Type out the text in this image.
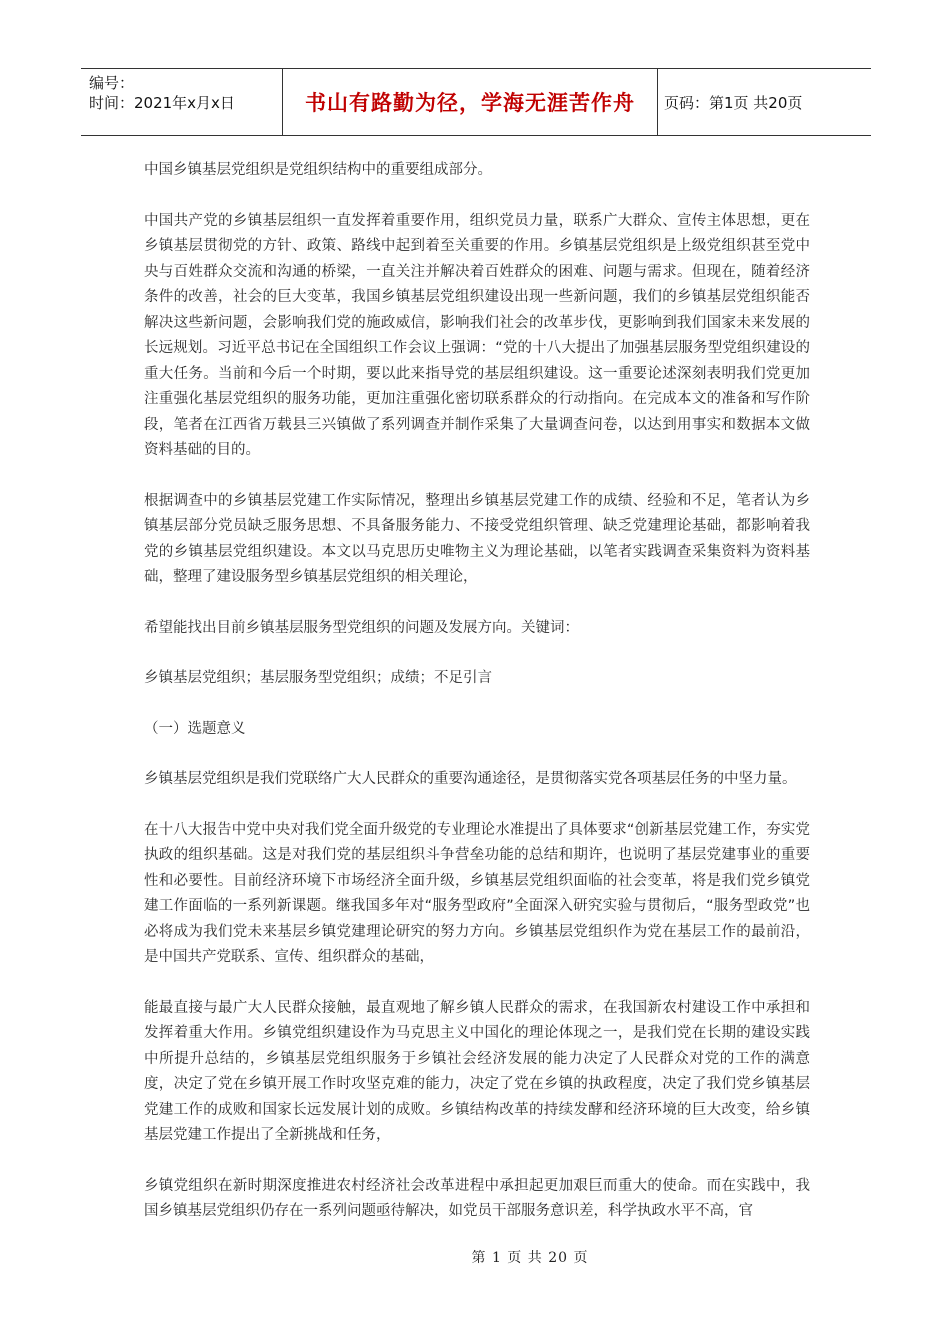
编号：
时间：2021年x月x日	书山有路勤为径，学海无涯苦作舟	页码：第1页 共20页

中国乡镇基层党组织是党组织结构中的重要组成部分。

中国共产党的乡镇基层组织一直发挥着重要作用，组织党员力量，联系广大群众、宣传主体思想，更在乡镇基层贯彻党的方针、政策、路线中起到着至关重要的作用。乡镇基层党组织是上级党组织甚至党中央与百姓群众交流和沟通的桥梁，一直关注并解决着百姓群众的困难、问题与需求。但现在，随着经济条件的改善，社会的巨大变革，我国乡镇基层党组织建设出现一些新问题，我们的乡镇基层党组织能否解决这些新问题，会影响我们党的施政威信，影响我们社会的改革步伐，更影响到我们国家未来发展的长远规划。习近平总书记在全国组织工作会议上强调：“党的十八大提出了加强基层服务型党组织建设的重大任务。当前和今后一个时期，要以此来指导党的基层组织建设。这一重要论述深刻表明我们党更加注重强化基层党组织的服务功能，更加注重强化密切联系群众的行动指向。在完成本文的准备和写作阶段，笔者在江西省万载县三兴镇做了系列调查并制作采集了大量调查问卷，以达到用事实和数据本文做资料基础的目的。

根据调查中的乡镇基层党建工作实际情况，整理出乡镇基层党建工作的成绩、经验和不足，笔者认为乡镇基层部分党员缺乏服务思想、不具备服务能力、不接受党组织管理、缺乏党建理论基础，都影响着我党的乡镇基层党组织建设。本文以马克思历史唯物主义为理论基础，以笔者实践调查采集资料为资料基础，整理了建设服务型乡镇基层党组织的相关理论，

希望能找出目前乡镇基层服务型党组织的问题及发展方向。关键词：

乡镇基层党组织；基层服务型党组织；成绩；不足引言

（一）选题意义

乡镇基层党组织是我们党联络广大人民群众的重要沟通途径，是贯彻落实党各项基层任务的中坚力量。

在十八大报告中党中央对我们党全面升级党的专业理论水准提出了具体要求“创新基层党建工作，夯实党执政的组织基础。这是对我们党的基层组织斗争营垒功能的总结和期许，也说明了基层党建事业的重要性和必要性。目前经济环境下市场经济全面升级，乡镇基层党组织面临的社会变革，将是我们党乡镇党建工作面临的一系列新课题。继我国多年对“服务型政府”全面深入研究实验与贯彻后，“服务型政党”也必将成为我们党未来基层乡镇党建理论研究的努力方向。乡镇基层党组织作为党在基层工作的最前沿，是中国共产党联系、宣传、组织群众的基础，

能最直接与最广大人民群众接触，最直观地了解乡镇人民群众的需求，在我国新农村建设工作中承担和发挥着重大作用。乡镇党组织建设作为马克思主义中国化的理论体现之一，是我们党在长期的建设实践中所提升总结的，乡镇基层党组织服务于乡镇社会经济发展的能力决定了人民群众对党的工作的满意度，决定了党在乡镇开展工作时攻坚克难的能力，决定了党在乡镇的执政程度，决定了我们党乡镇基层党建工作的成败和国家长远发展计划的成败。乡镇结构改革的持续发酵和经济环境的巨大改变，给乡镇基层党建工作提出了全新挑战和任务，

乡镇党组织在新时期深度推进农村经济社会改革进程中承担起更加艰巨而重大的使命。而在实践中，我国乡镇基层党组织仍存在一系列问题亟待解决，如党员干部服务意识差，科学执政水平不高，官

第 1 页 共 20 页
